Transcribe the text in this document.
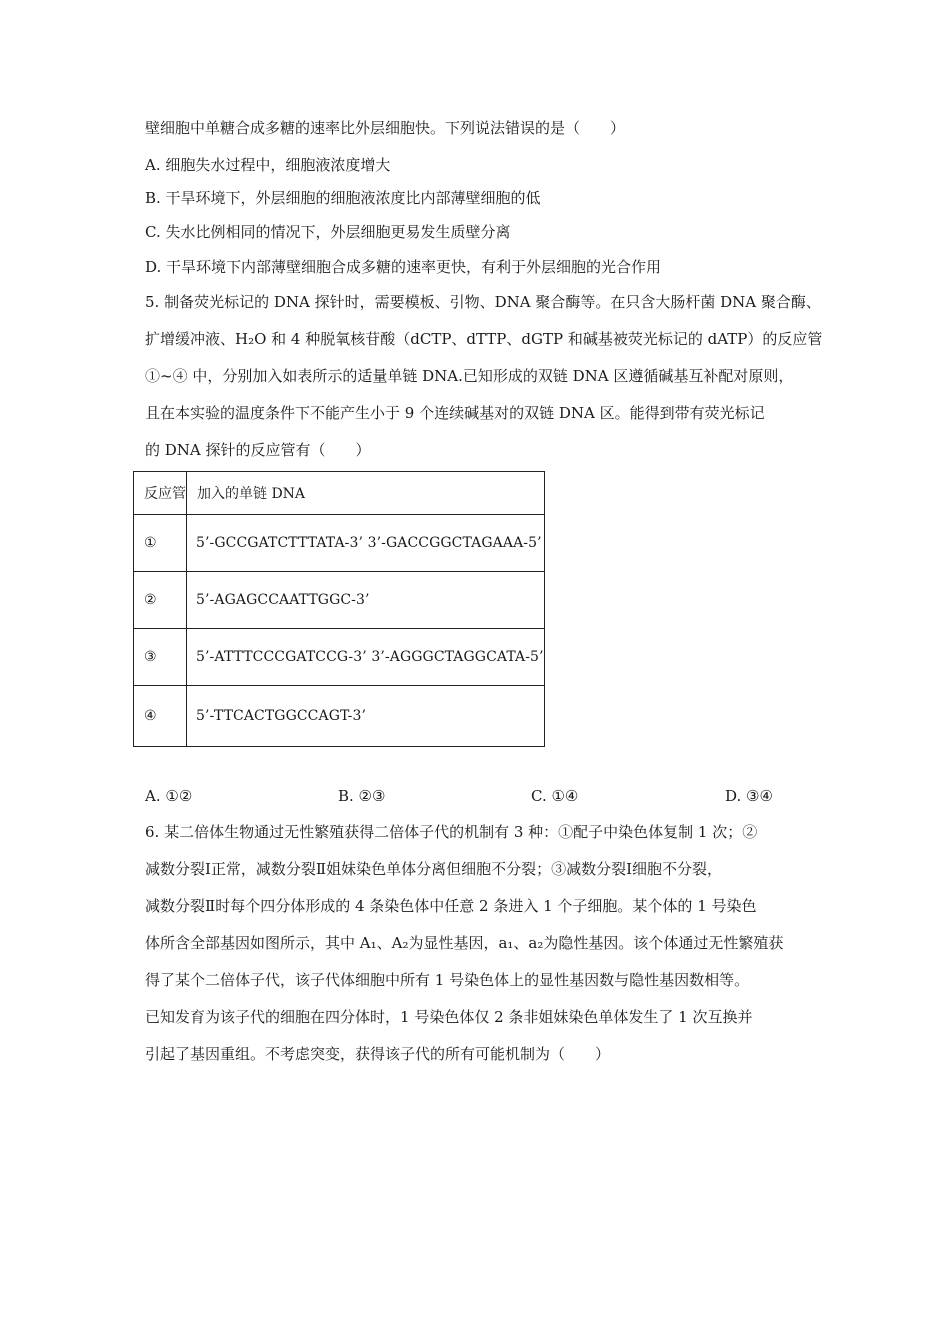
壁细胞中单糖合成多糖的速率比外层细胞快。下列说法错误的是（　　）
A. 细胞失水过程中，细胞液浓度增大
B. 干旱环境下，外层细胞的细胞液浓度比内部薄壁细胞的低
C. 失水比例相同的情况下，外层细胞更易发生质壁分离
D. 干旱环境下内部薄壁细胞合成多糖的速率更快，有利于外层细胞的光合作用
5. 制备荧光标记的 DNA 探针时，需要模板、引物、DNA 聚合酶等。在只含大肠杆菌 DNA 聚合酶、
扩增缓冲液、H₂O 和 4 种脱氧核苷酸（dCTP、dTTP、dGTP 和碱基被荧光标记的 dATP）的反应管
①~④ 中，分别加入如表所示的适量单链 DNA.已知形成的双链 DNA 区遵循碱基互补配对原则，
且在本实验的温度条件下不能产生小于 9 个连续碱基对的双链 DNA 区。能得到带有荧光标记
的 DNA 探针的反应管有（　　）
反应管	加入的单链 DNA
①	5’-GCCGATCTTTATA-3’ 3’-GACCGGCTAGAAA-5’
②	5’-AGAGCCAATTGGC-3’
③	5’-ATTTCCCGATCCG-3’ 3’-AGGGCTAGGCATA-5’
④	5’-TTCACTGGCCAGT-3’
A. ①②	B. ②③	C. ①④	D. ③④
6. 某二倍体生物通过无性繁殖获得二倍体子代的机制有 3 种：①配子中染色体复制 1 次；②
减数分裂Ⅰ正常，减数分裂Ⅱ姐妹染色单体分离但细胞不分裂；③减数分裂Ⅰ细胞不分裂，
减数分裂Ⅱ时每个四分体形成的 4 条染色体中任意 2 条进入 1 个子细胞。某个体的 1 号染色
体所含全部基因如图所示，其中 A₁、A₂为显性基因，a₁、a₂为隐性基因。该个体通过无性繁殖获
得了某个二倍体子代，该子代体细胞中所有 1 号染色体上的显性基因数与隐性基因数相等。
已知发育为该子代的细胞在四分体时，1 号染色体仅 2 条非姐妹染色单体发生了 1 次互换并
引起了基因重组。不考虑突变，获得该子代的所有可能机制为（　　）
